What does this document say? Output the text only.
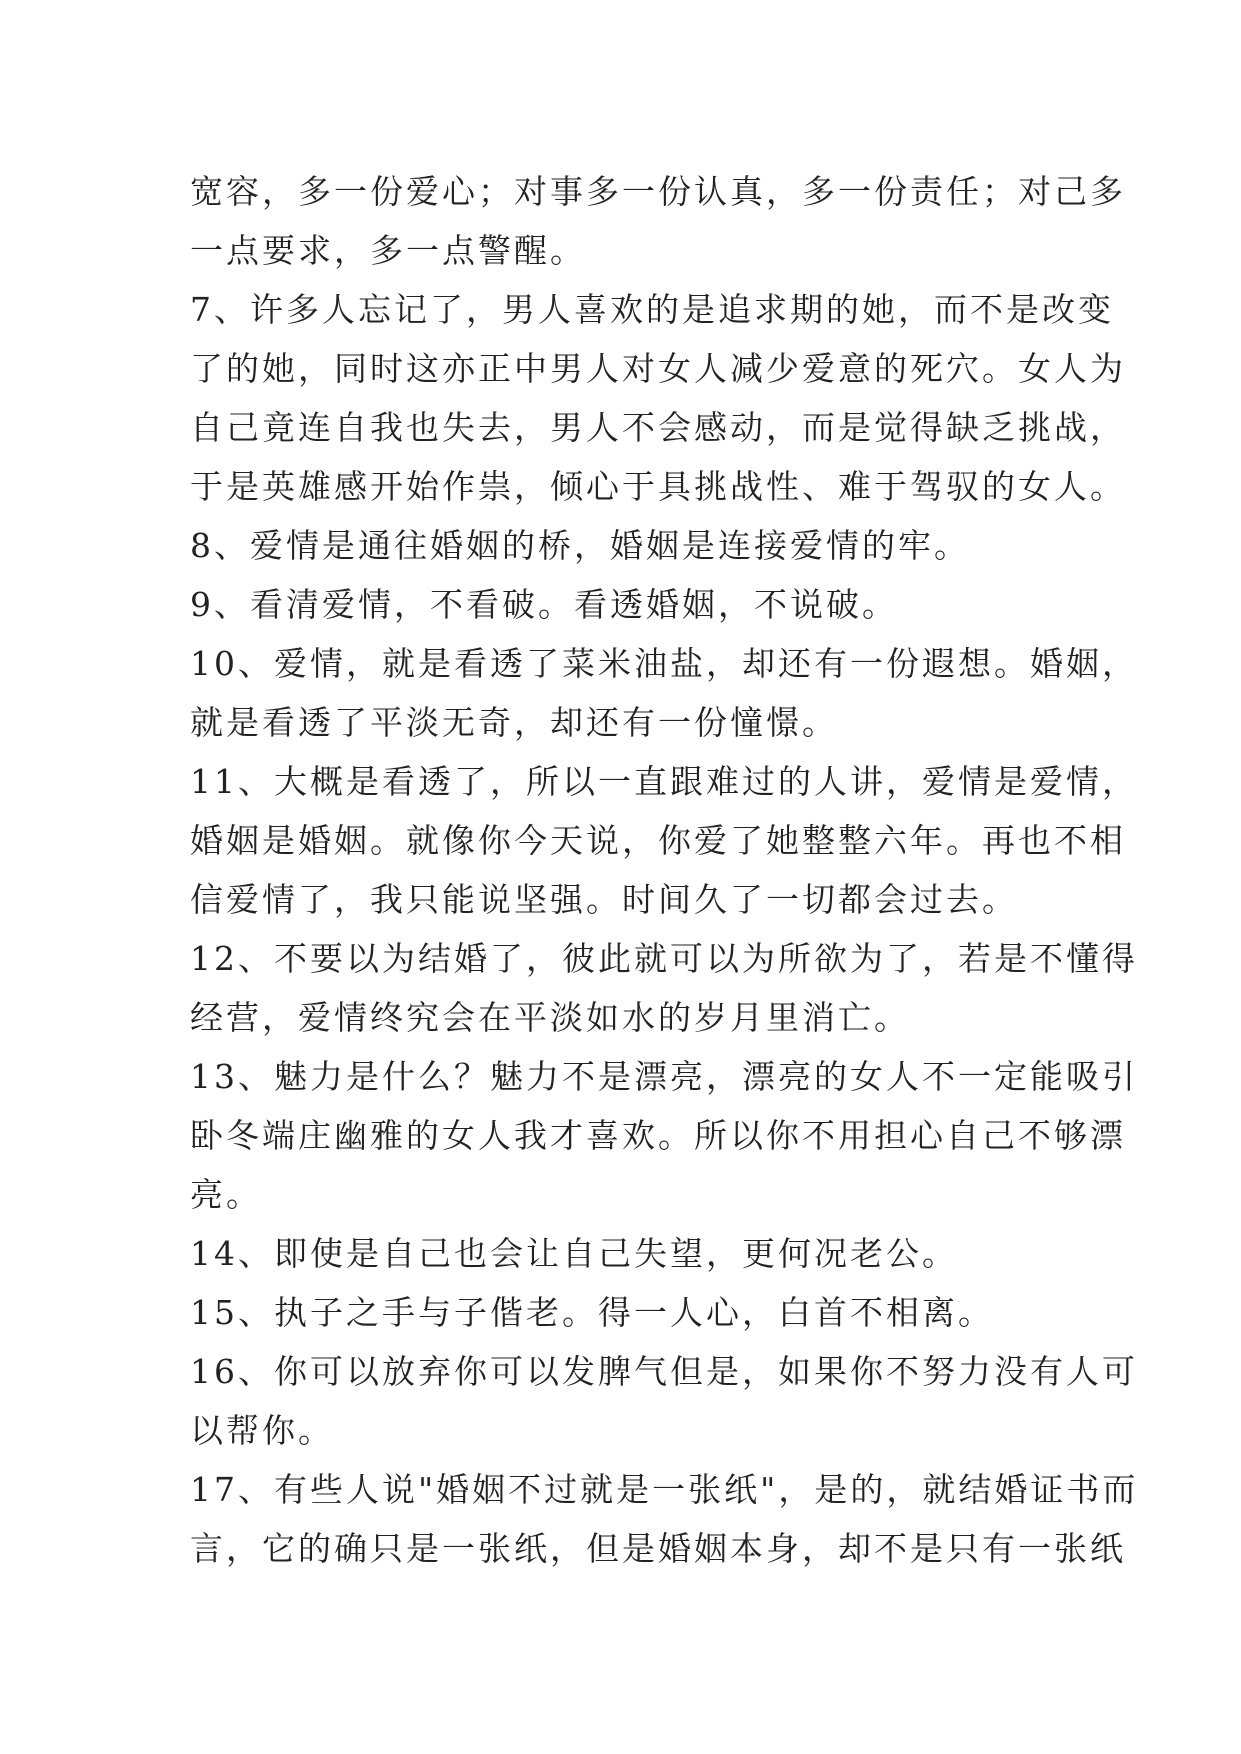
宽容，多一份爱心；对事多一份认真，多一份责任；对己多
一点要求，多一点警醒。
7、许多人忘记了，男人喜欢的是追求期的她，而不是改变
了的她，同时这亦正中男人对女人减少爱意的死穴。女人为
自己竟连自我也失去，男人不会感动，而是觉得缺乏挑战，
于是英雄感开始作祟，倾心于具挑战性、难于驾驭的女人。
8、爱情是通往婚姻的桥，婚姻是连接爱情的牢。
9、看清爱情，不看破。看透婚姻，不说破。
10、爱情，就是看透了菜米油盐，却还有一份遐想。婚姻，
就是看透了平淡无奇，却还有一份憧憬。
11、大概是看透了，所以一直跟难过的人讲，爱情是爱情，
婚姻是婚姻。就像你今天说，你爱了她整整六年。再也不相
信爱情了，我只能说坚强。时间久了一切都会过去。
12、不要以为结婚了，彼此就可以为所欲为了，若是不懂得
经营，爱情终究会在平淡如水的岁月里消亡。
13、魅力是什么？魅力不是漂亮，漂亮的女人不一定能吸引
卧冬端庄幽雅的女人我才喜欢。所以你不用担心自己不够漂
亮。
14、即使是自己也会让自己失望，更何况老公。
15、执子之手与子偕老。得一人心，白首不相离。
16、你可以放弃你可以发脾气但是，如果你不努力没有人可
以帮你。
17、有些人说"婚姻不过就是一张纸"，是的，就结婚证书而
言，它的确只是一张纸，但是婚姻本身，却不是只有一张纸
